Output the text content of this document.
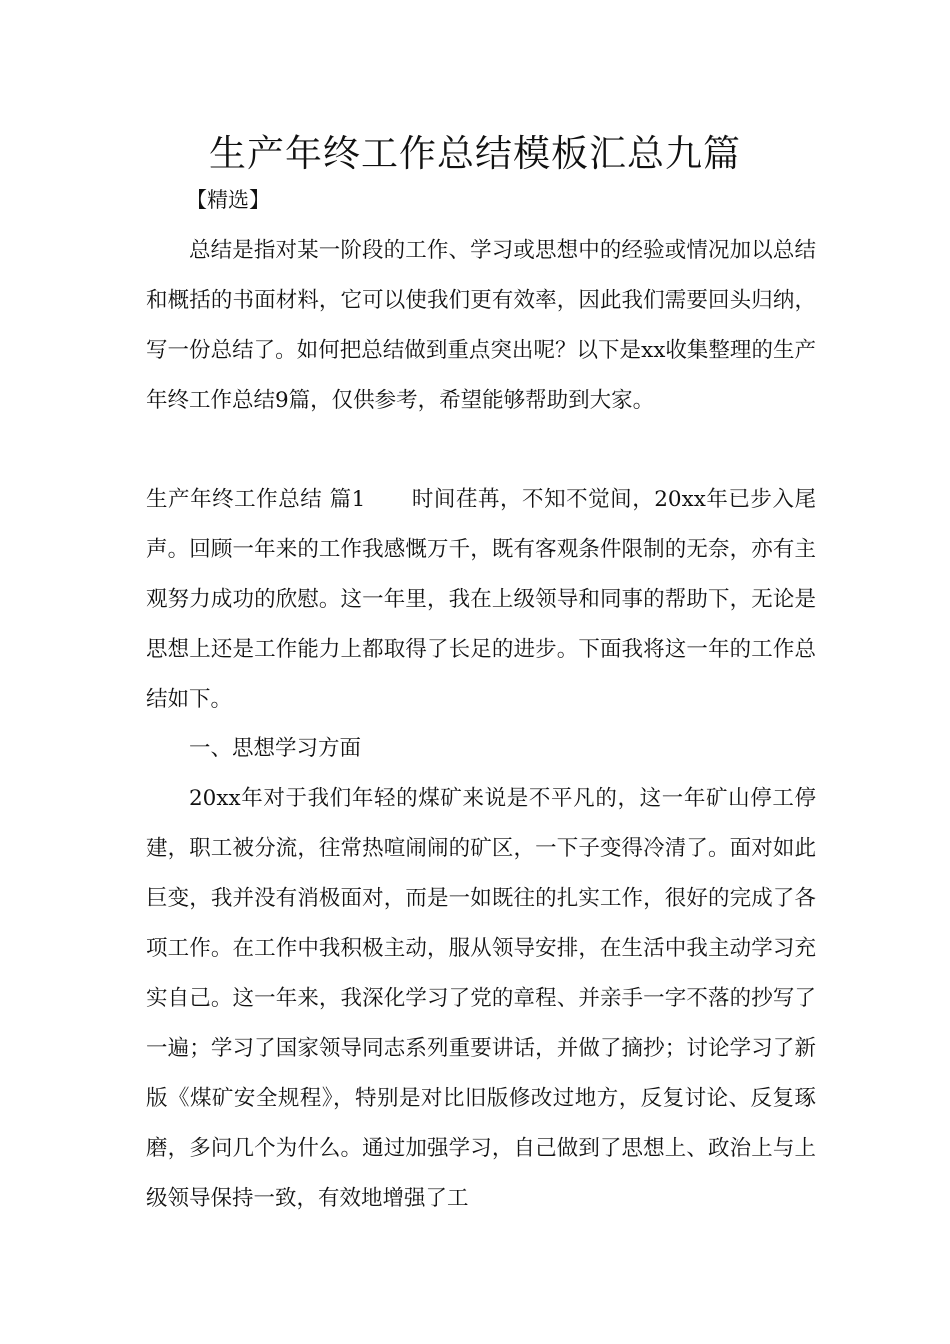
生产年终工作总结模板汇总九篇
【精选】

总结是指对某一阶段的工作、学习或思想中的经验或情况加以总结和概括的书面材料，它可以使我们更有效率，因此我们需要回头归纳，写一份总结了。如何把总结做到重点突出呢？以下是xx收集整理的生产年终工作总结9篇，仅供参考，希望能够帮助到大家。

生产年终工作总结 篇1 时间荏苒，不知不觉间，20xx年已步入尾声。回顾一年来的工作我感慨万千，既有客观条件限制的无奈，亦有主观努力成功的欣慰。这一年里，我在上级领导和同事的帮助下，无论是思想上还是工作能力上都取得了长足的进步。下面我将这一年的工作总结如下。

一、思想学习方面

20xx年对于我们年轻的煤矿来说是不平凡的，这一年矿山停工停建，职工被分流，往常热喧闹闹的矿区，一下子变得冷清了。面对如此巨变，我并没有消极面对，而是一如既往的扎实工作，很好的完成了各项工作。在工作中我积极主动，服从领导安排，在生活中我主动学习充实自己。这一年来，我深化学习了党的章程、并亲手一字不落的抄写了一遍；学习了国家领导同志系列重要讲话，并做了摘抄；讨论学习了新版《煤矿安全规程》，特别是对比旧版修改过地方，反复讨论、反复琢磨，多问几个为什么。通过加强学习，自己做到了思想上、政治上与上级领导保持一致，有效地增强了工
